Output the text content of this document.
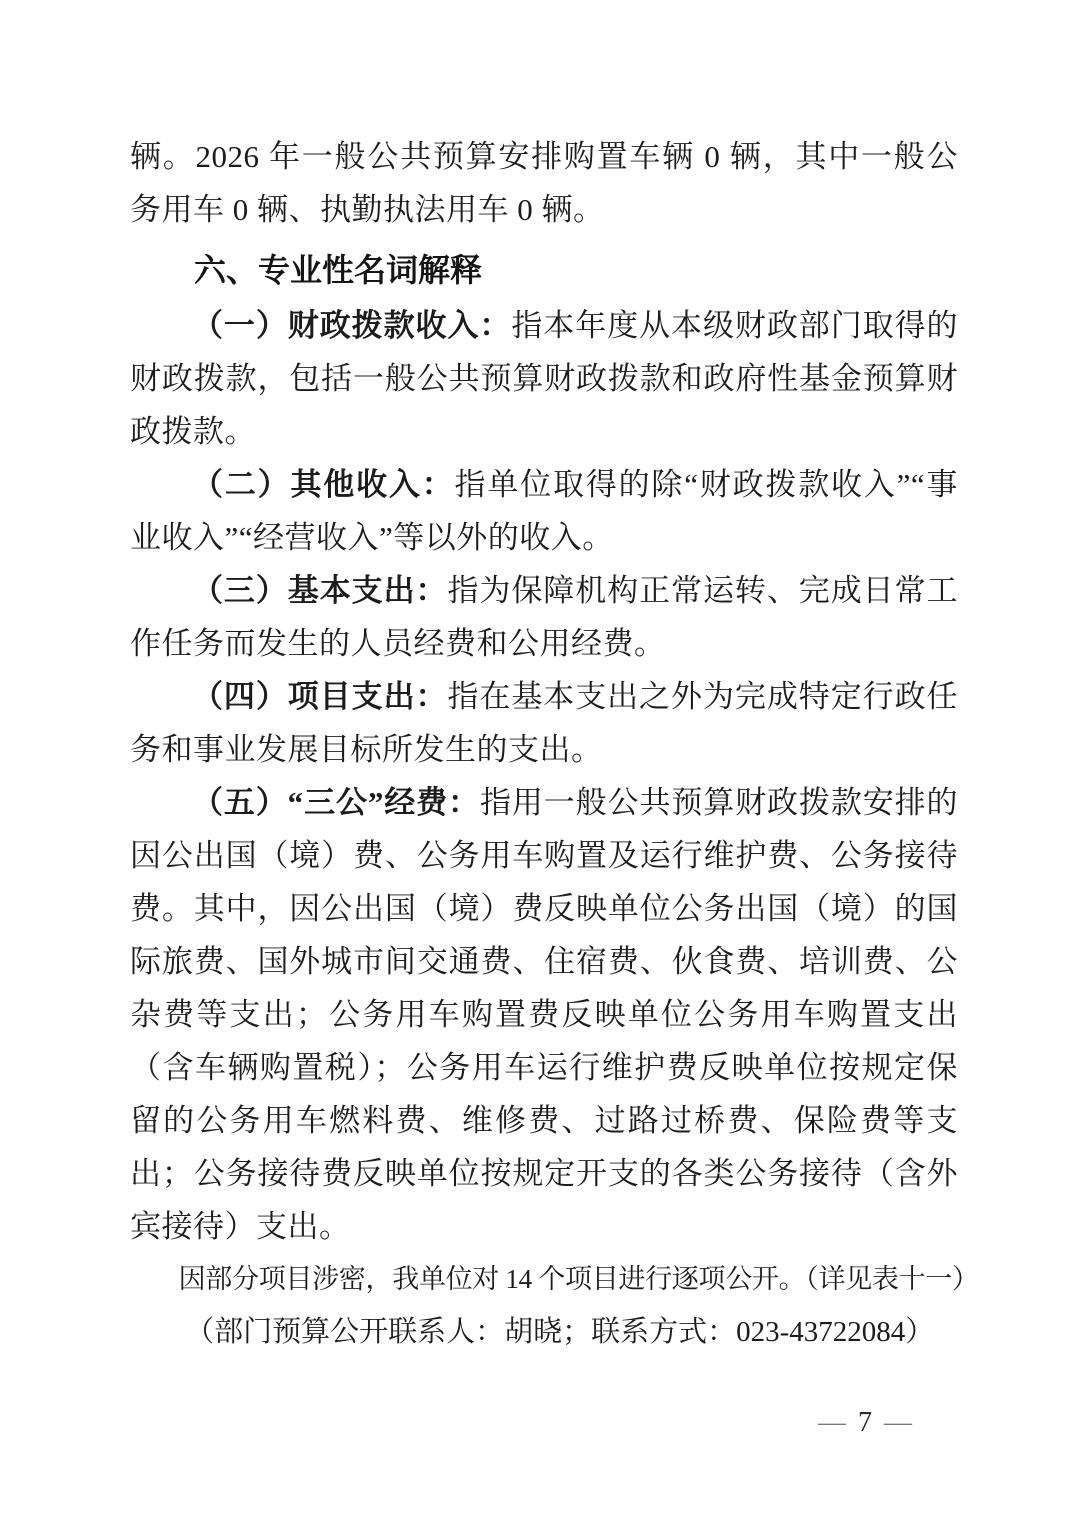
辆。2026 年一般公共预算安排购置车辆 0 辆，其中一般公务用车 0 辆、执勤执法用车 0 辆。

六、专业性名词解释

（一）财政拨款收入：指本年度从本级财政部门取得的财政拨款，包括一般公共预算财政拨款和政府性基金预算财政拨款。

（二）其他收入：指单位取得的除“财政拨款收入”“事业收入”“经营收入”等以外的收入。

（三）基本支出：指为保障机构正常运转、完成日常工作任务而发生的人员经费和公用经费。

（四）项目支出：指在基本支出之外为完成特定行政任务和事业发展目标所发生的支出。

（五）“三公”经费：指用一般公共预算财政拨款安排的因公出国（境）费、公务用车购置及运行维护费、公务接待费。其中，因公出国（境）费反映单位公务出国（境）的国际旅费、国外城市间交通费、住宿费、伙食费、培训费、公杂费等支出；公务用车购置费反映单位公务用车购置支出（含车辆购置税）；公务用车运行维护费反映单位按规定保留的公务用车燃料费、维修费、过路过桥费、保险费等支出；公务接待费反映单位按规定开支的各类公务接待（含外宾接待）支出。

因部分项目涉密，我单位对 14 个项目进行逐项公开。（详见表十一）

（部门预算公开联系人：胡晓；联系方式：023-43722084）

— 7 —
